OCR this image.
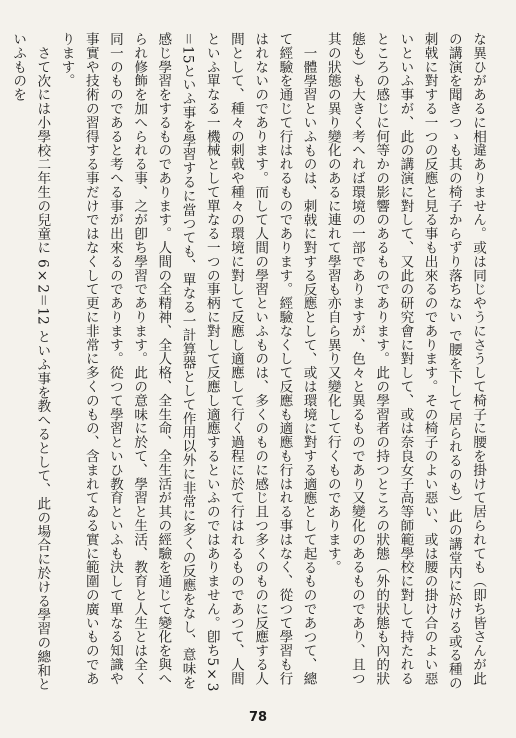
な異ひがあるに相違ありません。或は同じやうにさうして椅子に腰を掛けて居られても（即ち皆さんが此の講演を聞きつゝも其の椅子からずり落ちない で腰を下して居られるのも）此の講堂内に於ける或る種の刺戟に對する一つの反應と見る事も出來るのであります。その椅子のよい惡い、或は腰の掛け合のよい惡いといふ事が、此の講演に對して、又此の研究會に對して、或は奈良女子高等師範學校に對して持たれるところの感じに何等かの影響のあるものであります。此の學習者の持つところの狀態（外的狀態も內的狀態も）も大きく考へれば環境の一部でありますが、色々と異るものであり又變化のあるものであり、且つ其の狀態の異り變化のあるに連れて學習も亦自ら異り又變化して行くものであります。

一體學習といふものは、刺戟に對する反應として、或は環境に對する適應として起るものであつて、總て經驗を通じて行はれるものであります。經驗なくして反應も適應も行はれる事はなく、從つて學習も行はれないのであります。而して人間の學習といふものは、多くのものに感じ且つ多くのものに反應する人間として、種々の刺戟や種々の環境に對して反應し適應して行く過程に於て行はれるものであつて、人間といふ單なる一機械として單なる一つの事柄に對して反應し適應するといふのではありません。卽ち5×3＝15といふ事を學習するに當つても、單なる一計算器として作用以外に非常に多くの反應をなし、意味を感じ學習をするものであります。人間の全精神、全人格、全生命、全生活が其の經驗を通じて變化を與へられ修飾を加へられる事、之が卽ち學習であります。此の意味に於て、學習と生活、教育と人生とは全く同一のものであると考へる事が出來るのであります。從つて學習といひ教育といふも決して單なる知識や事實や技術の習得する事だけではなくして更に非常に多くのもの、含まれてゐる實に範圍の廣いものであります。

さて次には小學校二年生の兒童に 6×2＝12 といふ事を教へるとして、此の場合に於ける學習の總和といふものを

78
